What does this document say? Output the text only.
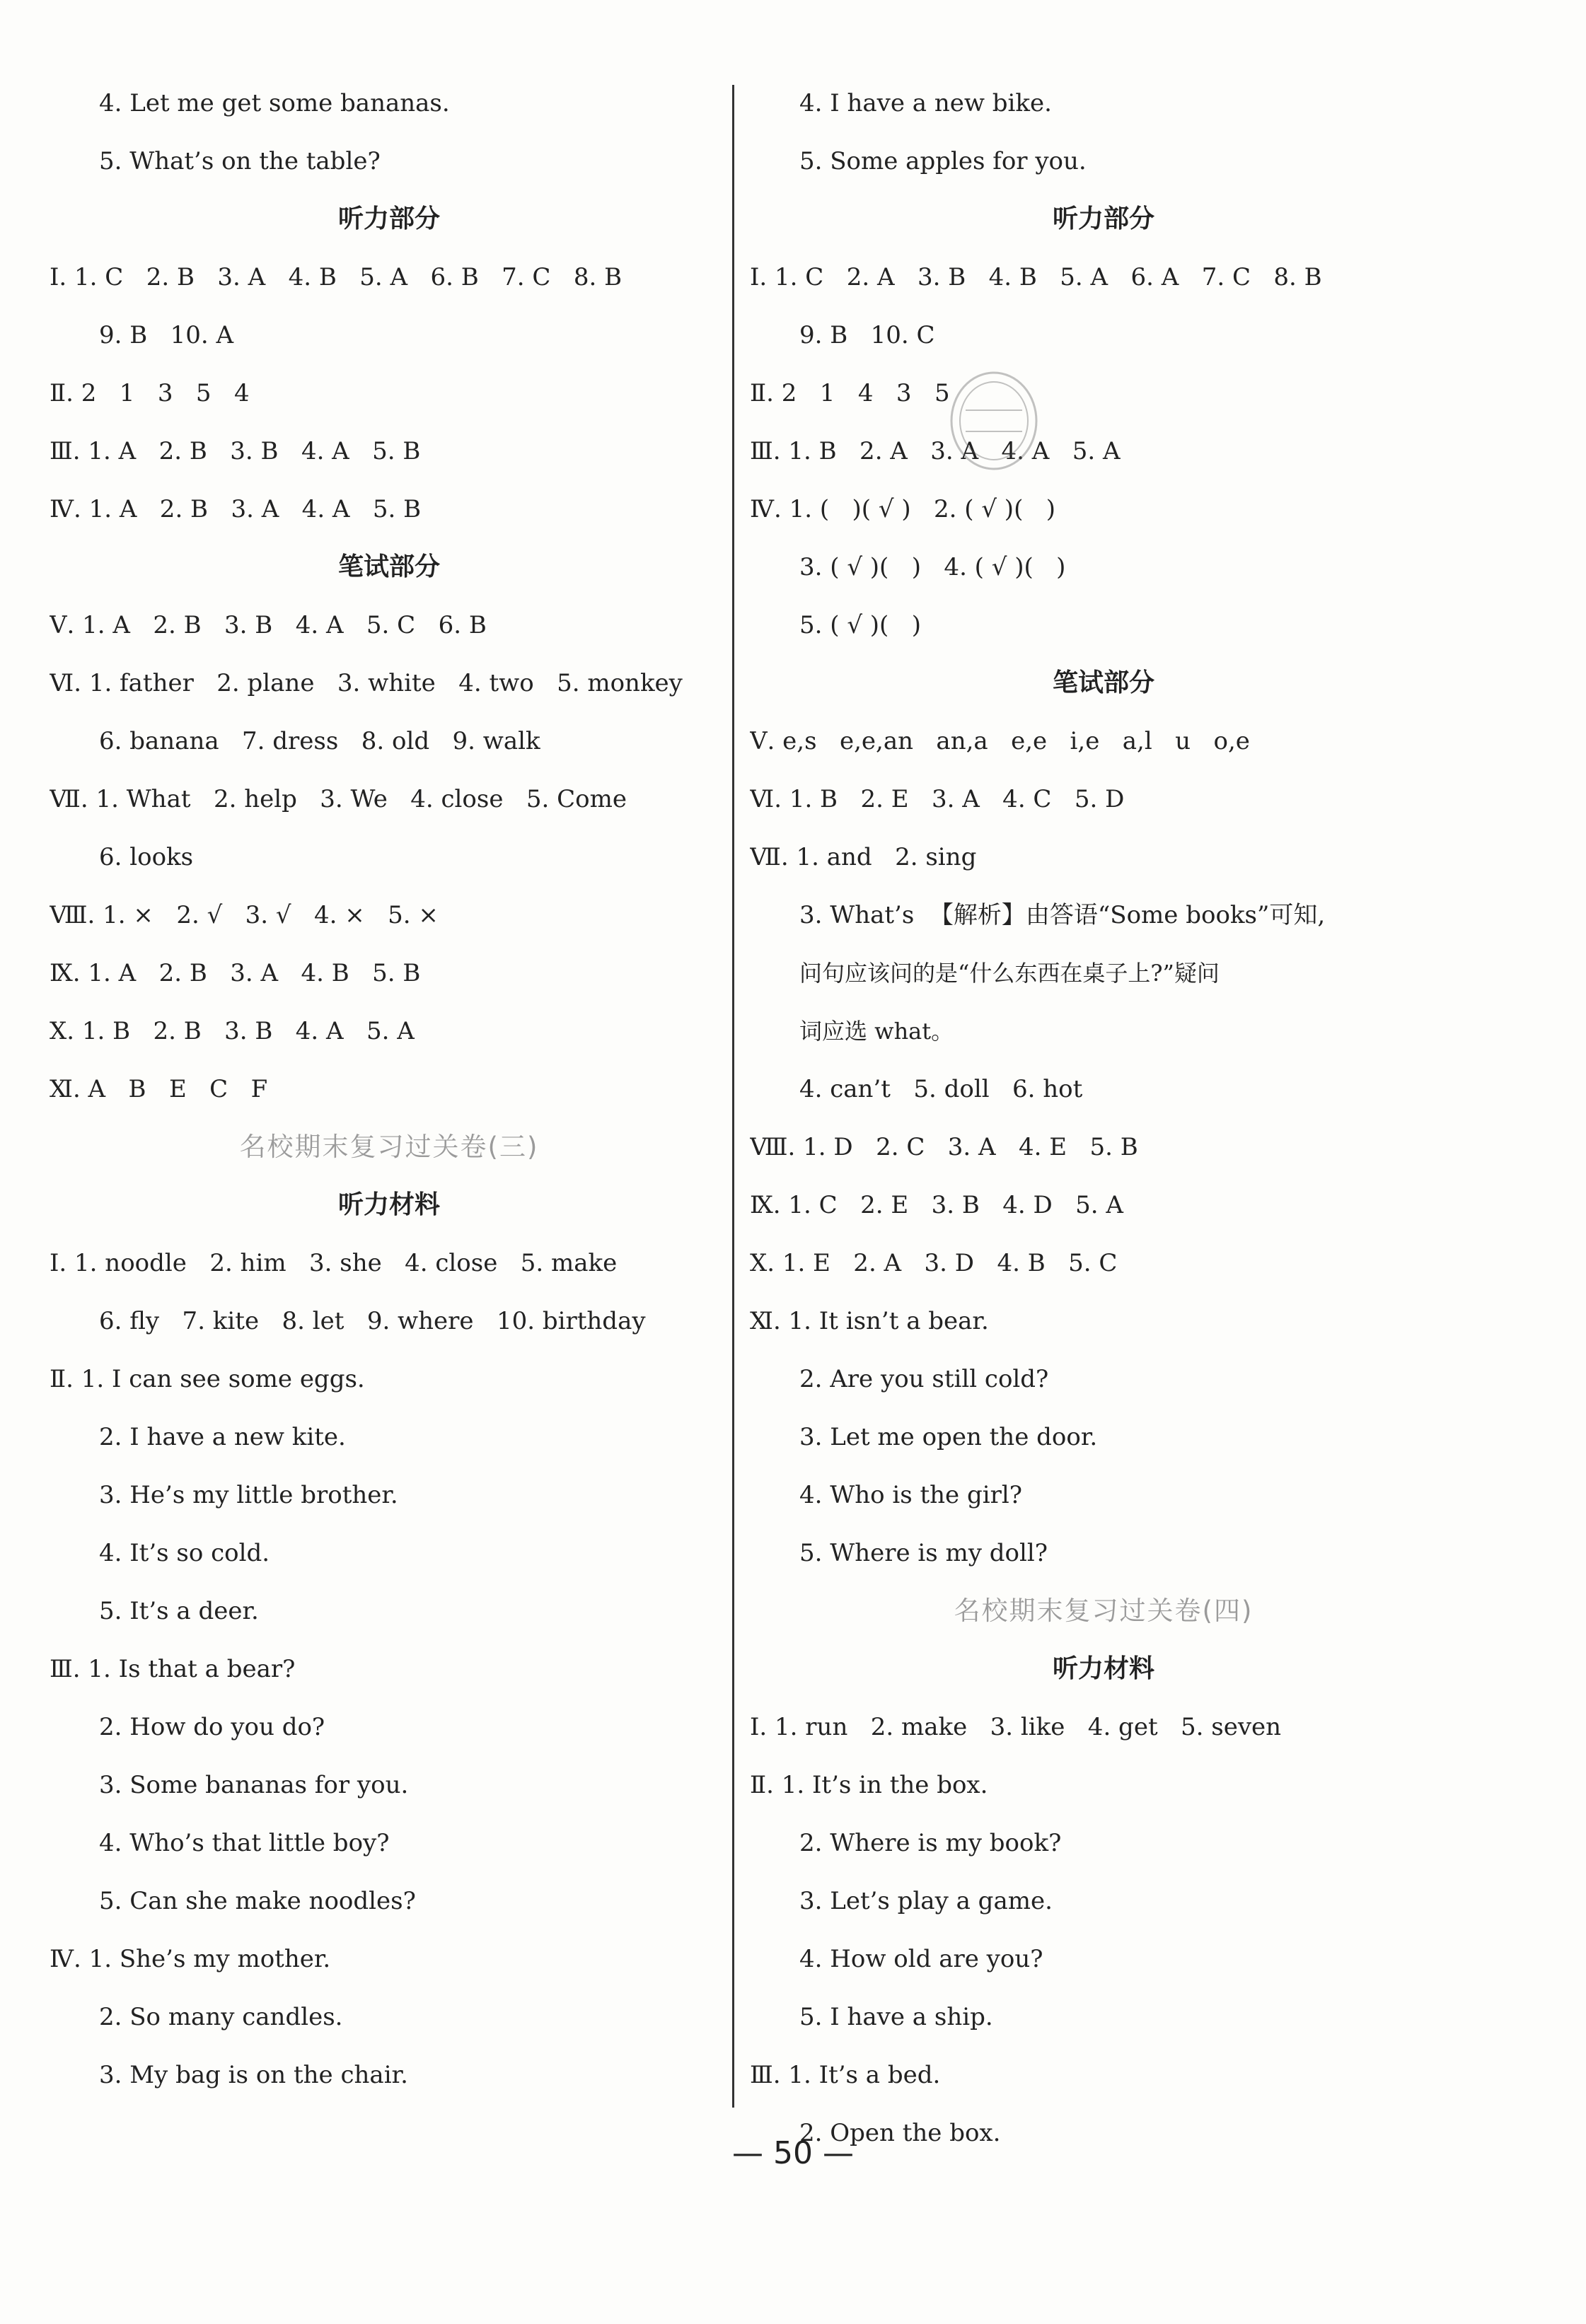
4. Let me get some bananas.
5. What’s on the table?
听力部分
Ⅰ. 1. C   2. B   3. A   4. B   5. A   6. B   7. C   8. B
9. B   10. A
Ⅱ. 2   1   3   5   4
Ⅲ. 1. A   2. B   3. B   4. A   5. B
Ⅳ. 1. A   2. B   3. A   4. A   5. B
笔试部分
Ⅴ. 1. A   2. B   3. B   4. A   5. C   6. B
Ⅵ. 1. father   2. plane   3. white   4. two   5. monkey
6. banana   7. dress   8. old   9. walk
Ⅶ. 1. What   2. help   3. We   4. close   5. Come
6. looks
Ⅷ. 1. ×   2. √   3. √   4. ×   5. ×
Ⅸ. 1. A   2. B   3. A   4. B   5. B
Ⅹ. 1. B   2. B   3. B   4. A   5. A
Ⅺ. A   B   E   C   F
名校期末复习过关卷(三)
听力材料
Ⅰ. 1. noodle   2. him   3. she   4. close   5. make
6. fly   7. kite   8. let   9. where   10. birthday
Ⅱ. 1. I can see some eggs.
2. I have a new kite.
3. He’s my little brother.
4. It’s so cold.
5. It’s a deer.
Ⅲ. 1. Is that a bear?
2. How do you do?
3. Some bananas for you.
4. Who’s that little boy?
5. Can she make noodles?
Ⅳ. 1. She’s my mother.
2. So many candles.
3. My bag is on the chair.
4. I have a new bike.
5. Some apples for you.
听力部分
Ⅰ. 1. C   2. A   3. B   4. B   5. A   6. A   7. C   8. B
9. B   10. C
Ⅱ. 2   1   4   3   5
Ⅲ. 1. B   2. A   3. A   4. A   5. A
Ⅳ. 1. (   )( √ )   2. ( √ )(   )
3. ( √ )(   )   4. ( √ )(   )
5. ( √ )(   )
笔试部分
Ⅴ. e,s   e,e,an   an,a   e,e   i,e   a,l   u   o,e
Ⅵ. 1. B   2. E   3. A   4. C   5. D
Ⅶ. 1. and   2. sing
3. What’s  【解析】由答语“Some books”可知,
问句应该问的是“什么东西在桌子上?”疑问
词应选 what。
4. can’t   5. doll   6. hot
Ⅷ. 1. D   2. C   3. A   4. E   5. B
Ⅸ. 1. C   2. E   3. B   4. D   5. A
Ⅹ. 1. E   2. A   3. D   4. B   5. C
Ⅺ. 1. It isn’t a bear.
2. Are you still cold?
3. Let me open the door.
4. Who is the girl?
5. Where is my doll?
名校期末复习过关卷(四)
听力材料
Ⅰ. 1. run   2. make   3. like   4. get   5. seven
Ⅱ. 1. It’s in the box.
2. Where is my book?
3. Let’s play a game.
4. How old are you?
5. I have a ship.
Ⅲ. 1. It’s a bed.
2. Open the box.
— 50 —
